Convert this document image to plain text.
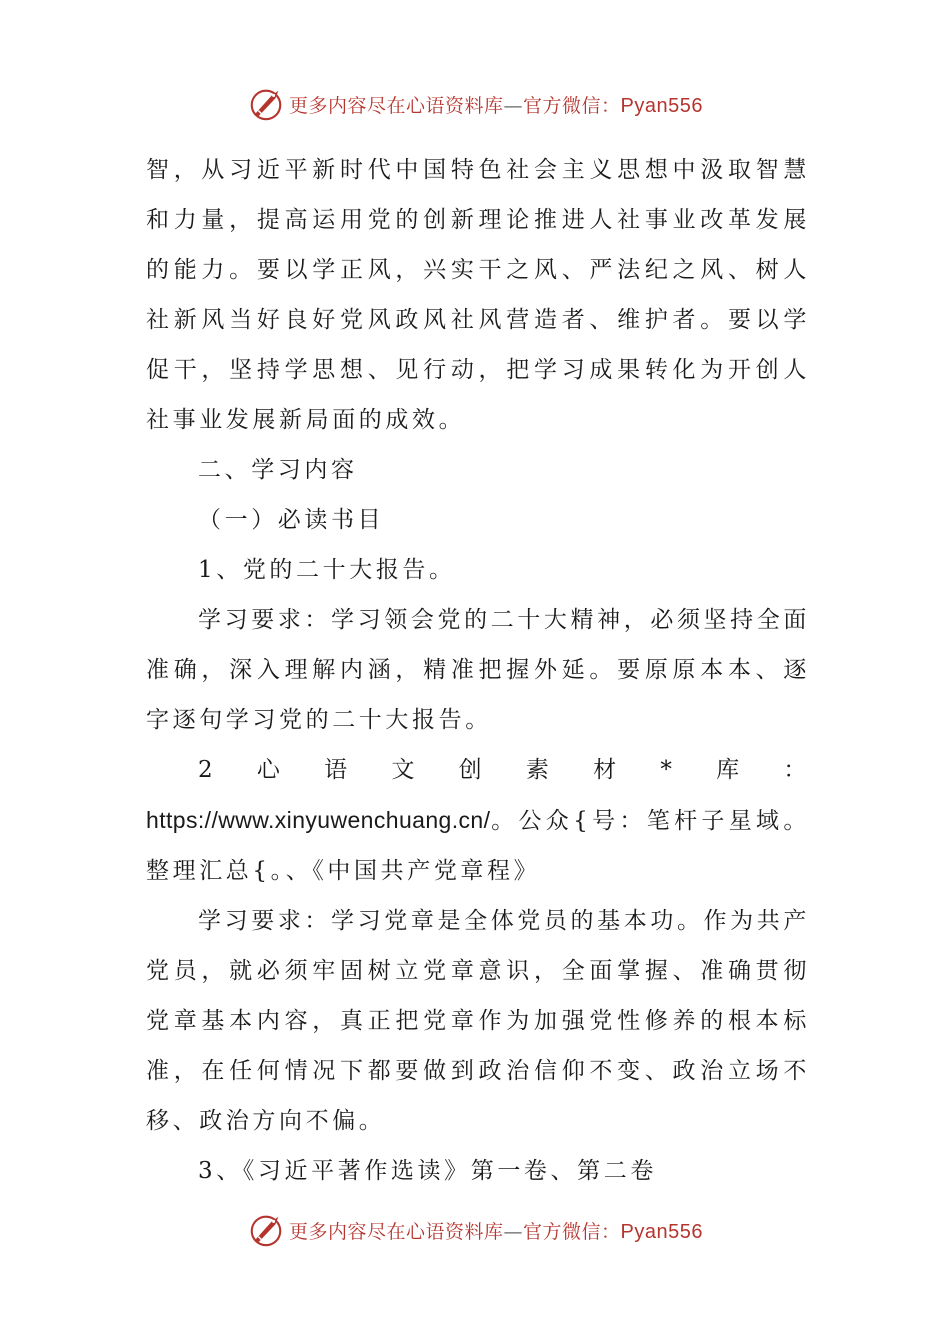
更多内容尽在心语资料库—官方微信：Pyan556

智，从习近平新时代中国特色社会主义思想中汲取智慧和力量，提高运用党的创新理论推进人社事业改革发展的能力。要以学正风，兴实干之风、严法纪之风、树人社新风当好良好党风政风社风营造者、维护者。要以学促干，坚持学思想、见行动，把学习成果转化为开创人社事业发展新局面的成效。

二、学习内容

（一）必读书目

1、党的二十大报告。

学习要求：学习领会党的二十大精神，必须坚持全面准确，深入理解内涵，精准把握外延。要原原本本、逐字逐句学习党的二十大报告。

2心语文创素材*库：https://www.xinyuwenchuang.cn/。公众{号：笔杆子星域。整理汇总{。、《中国共产党章程》

学习要求：学习党章是全体党员的基本功。作为共产党员，就必须牢固树立党章意识，全面掌握、准确贯彻党章基本内容，真正把党章作为加强党性修养的根本标准，在任何情况下都要做到政治信仰不变、政治立场不移、政治方向不偏。

3、《习近平著作选读》第一卷、第二卷

更多内容尽在心语资料库—官方微信：Pyan556
